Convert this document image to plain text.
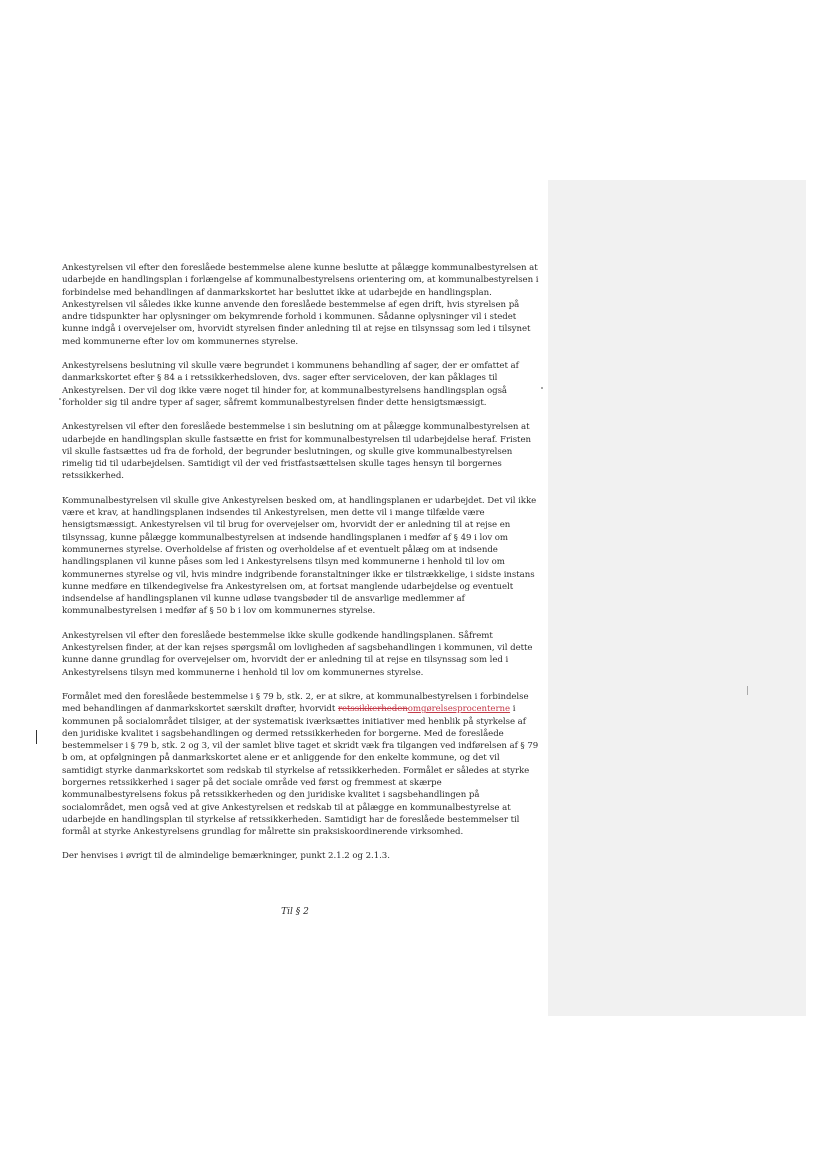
Ankestyrelsen vil efter den foreslåede bestemmelse alene kunne beslutte at pålægge kommunalbestyrelsen at udarbejde en handlingsplan i forlængelse af kommunalbestyrelsens orientering om, at kommunalbestyrelsen i forbindelse med behandlingen af danmarkskortet har besluttet ikke at udarbejde en handlingsplan. Ankestyrelsen vil således ikke kunne anvende den foreslåede bestemmelse af egen drift, hvis styrelsen på andre tidspunkter har oplysninger om bekymrende forhold i kommunen. Sådanne oplysninger vil i stedet kunne indgå i overvejelser om, hvorvidt styrelsen finder anledning til at rejse en tilsynssag som led i tilsynet med kommunerne efter lov om kommunernes styrelse.

Ankestyrelsens beslutning vil skulle være begrundet i kommunens behandling af sager, der er omfattet af danmarkskortet efter § 84 a i retssikkerhedsloven, dvs. sager efter serviceloven, der kan påklages til Ankestyrelsen. Der vil dog ikke være noget til hinder for, at kommunalbestyrelsens handlingsplan også forholder sig til andre typer af sager, såfremt kommunalbestyrelsen finder dette hensigtsmæssigt.

Ankestyrelsen vil efter den foreslåede bestemmelse i sin beslutning om at pålægge kommunalbestyrelsen at udarbejde en handlingsplan skulle fastsætte en frist for kommunalbestyrelsen til udarbejdelse heraf. Fristen vil skulle fastsættes ud fra de forhold, der begrunder beslutningen, og skulle give kommunalbestyrelsen rimelig tid til udarbejdelsen. Samtidigt vil der ved fristfastsættelsen skulle tages hensyn til borgernes retssikkerhed.

Kommunalbestyrelsen vil skulle give Ankestyrelsen besked om, at handlingsplanen er udarbejdet. Det vil ikke være et krav, at handlingsplanen indsendes til Ankestyrelsen, men dette vil i mange tilfælde være hensigtsmæssigt. Ankestyrelsen vil til brug for overvejelser om, hvorvidt der er anledning til at rejse en tilsynssag, kunne pålægge kommunalbestyrelsen at indsende handlingsplanen i medfør af § 49 i lov om kommunernes styrelse. Overholdelse af fristen og overholdelse af et eventuelt pålæg om at indsende handlingsplanen vil kunne påses som led i Ankestyrelsens tilsyn med kommunerne i henhold til lov om kommunernes styrelse og vil, hvis mindre indgribende foranstaltninger ikke er tilstrækkelige, i sidste instans kunne medføre en tilkendegivelse fra Ankestyrelsen om, at fortsat manglende udarbejdelse og eventuelt indsendelse af handlingsplanen vil kunne udløse tvangsbøder til de ansvarlige medlemmer af kommunalbestyrelsen i medfør af § 50 b i lov om kommunernes styrelse.

Ankestyrelsen vil efter den foreslåede bestemmelse ikke skulle godkende handlingsplanen. Såfremt Ankestyrelsen finder, at der kan rejses spørgsmål om lovligheden af sagsbehandlingen i kommunen, vil dette kunne danne grundlag for overvejelser om, hvorvidt der er anledning til at rejse en tilsynssag som led i Ankestyrelsens tilsyn med kommunerne i henhold til lov om kommunernes styrelse.

Formålet med den foreslåede bestemmelse i § 79 b, stk. 2, er at sikre, at kommunalbestyrelsen i forbindelse med behandlingen af danmarkskortet særskilt drøfter, hvorvidt retssikkerhedenomgørelsesprocenterne i kommunen på socialområdet tilsiger, at der systematisk iværksættes initiativer med henblik på styrkelse af den juridiske kvalitet i sagsbehandlingen og dermed retssikkerheden for borgerne. Med de foreslåede bestemmelser i § 79 b, stk. 2 og 3, vil der samlet blive taget et skridt væk fra tilgangen ved indførelsen af § 79 b om, at opfølgningen på danmarkskortet alene er et anliggende for den enkelte kommune, og det vil samtidigt styrke danmarkskortet som redskab til styrkelse af retssikkerheden. Formålet er således at styrke borgernes retssikkerhed i sager på det sociale område ved først og fremmest at skærpe kommunalbestyrelsens fokus på retssikkerheden og den juridiske kvalitet i sagsbehandlingen på socialområdet, men også ved at give Ankestyrelsen et redskab til at pålægge en kommunalbestyrelse at udarbejde en handlingsplan til styrkelse af retssikkerheden. Samtidigt har de foreslåede bestemmelser til formål at styrke Ankestyrelsens grundlag for målrette sin praksiskoordinerende virksomhed.

Der henvises i øvrigt til de almindelige bemærkninger, punkt 2.1.2 og 2.1.3.

Til § 2
